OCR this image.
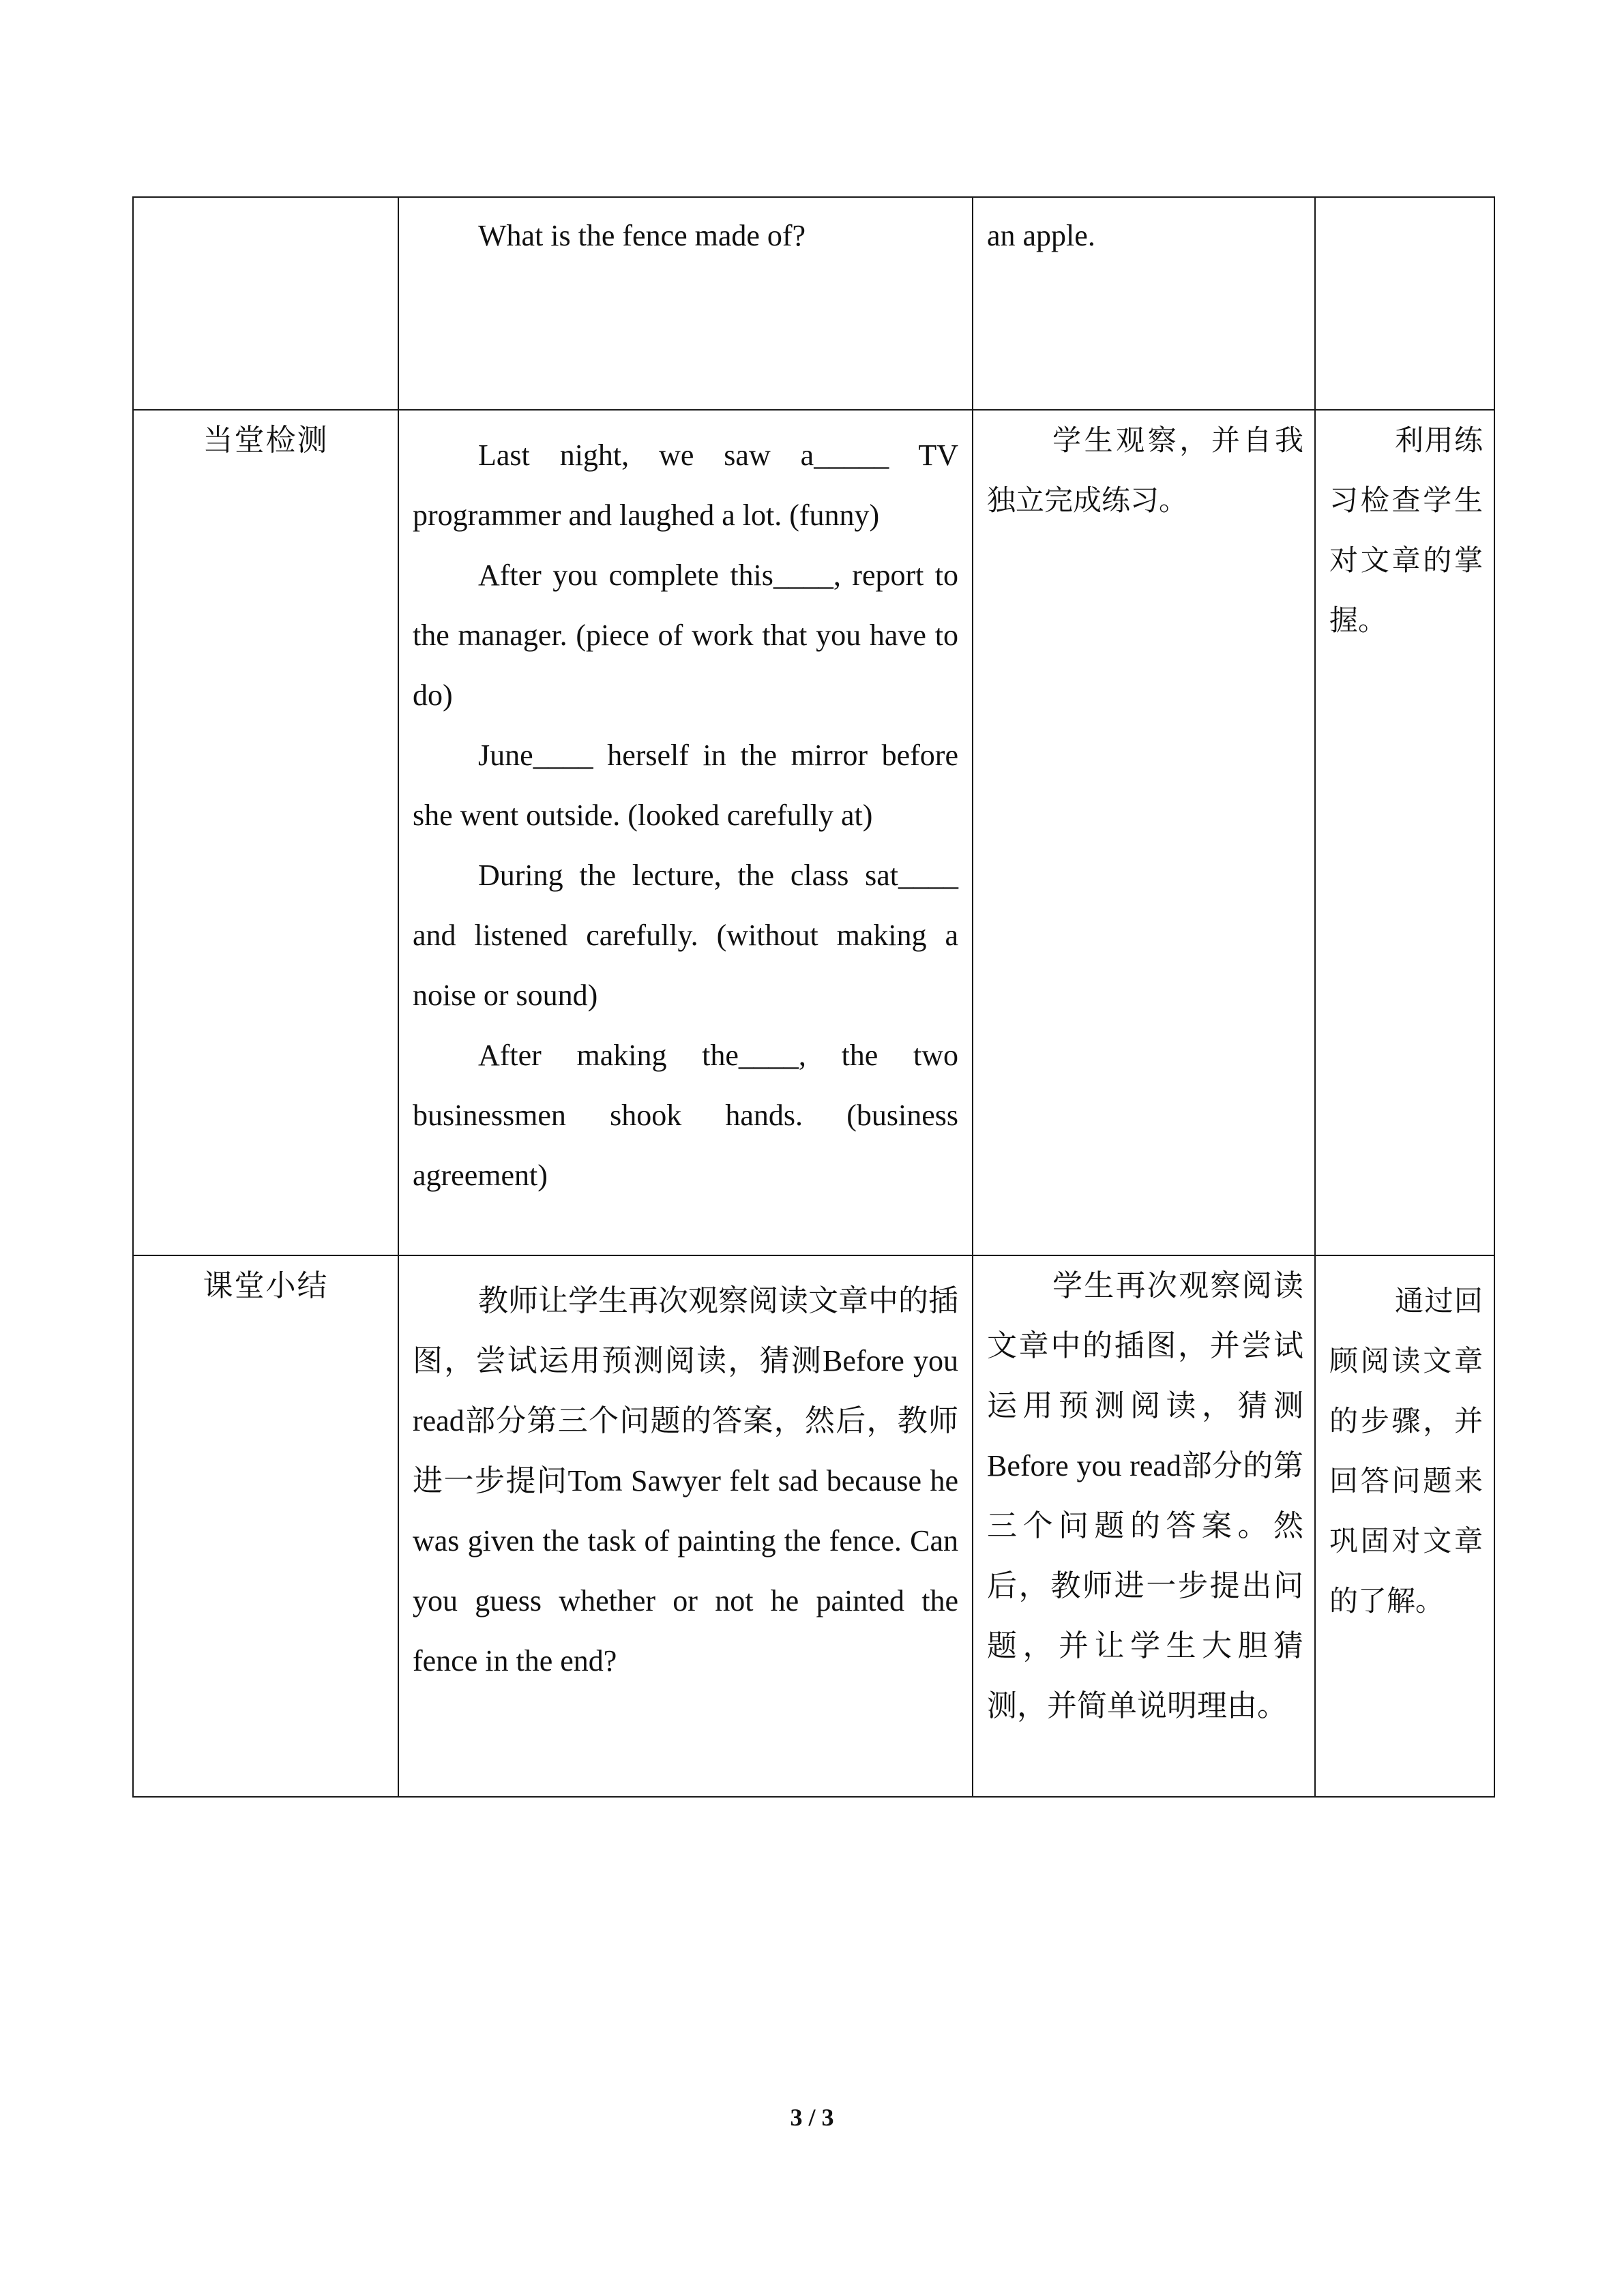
	What is the fence made of?	an apple.	

当堂检测	Last night, we saw a_____ TV programmer and laughed a lot. (funny)

After you complete this____, report to the manager. (piece of work that you have to do)

June____ herself in the mirror before she went outside. (looked carefully at)

During the lecture, the class sat____ and listened carefully. (without making a noise or sound)

After making the____, the two businessmen shook hands. (business agreement)	学生观察，并自我独立完成练习。	利用练习检查学生对文章的掌握。

课堂小结	教师让学生再次观察阅读文章中的插图，尝试运用预测阅读，猜测Before you read部分第三个问题的答案，然后，教师进一步提问Tom Sawyer felt sad because he was given the task of painting the fence. Can you guess whether or not he painted the fence in the end?	学生再次观察阅读文章中的插图，并尝试运用预测阅读，猜测Before you read部分的第三个问题的答案。然后，教师进一步提出问题，并让学生大胆猜测，并简单说明理由。	通过回顾阅读文章的步骤，并回答问题来巩固对文章的了解。

3 / 3
